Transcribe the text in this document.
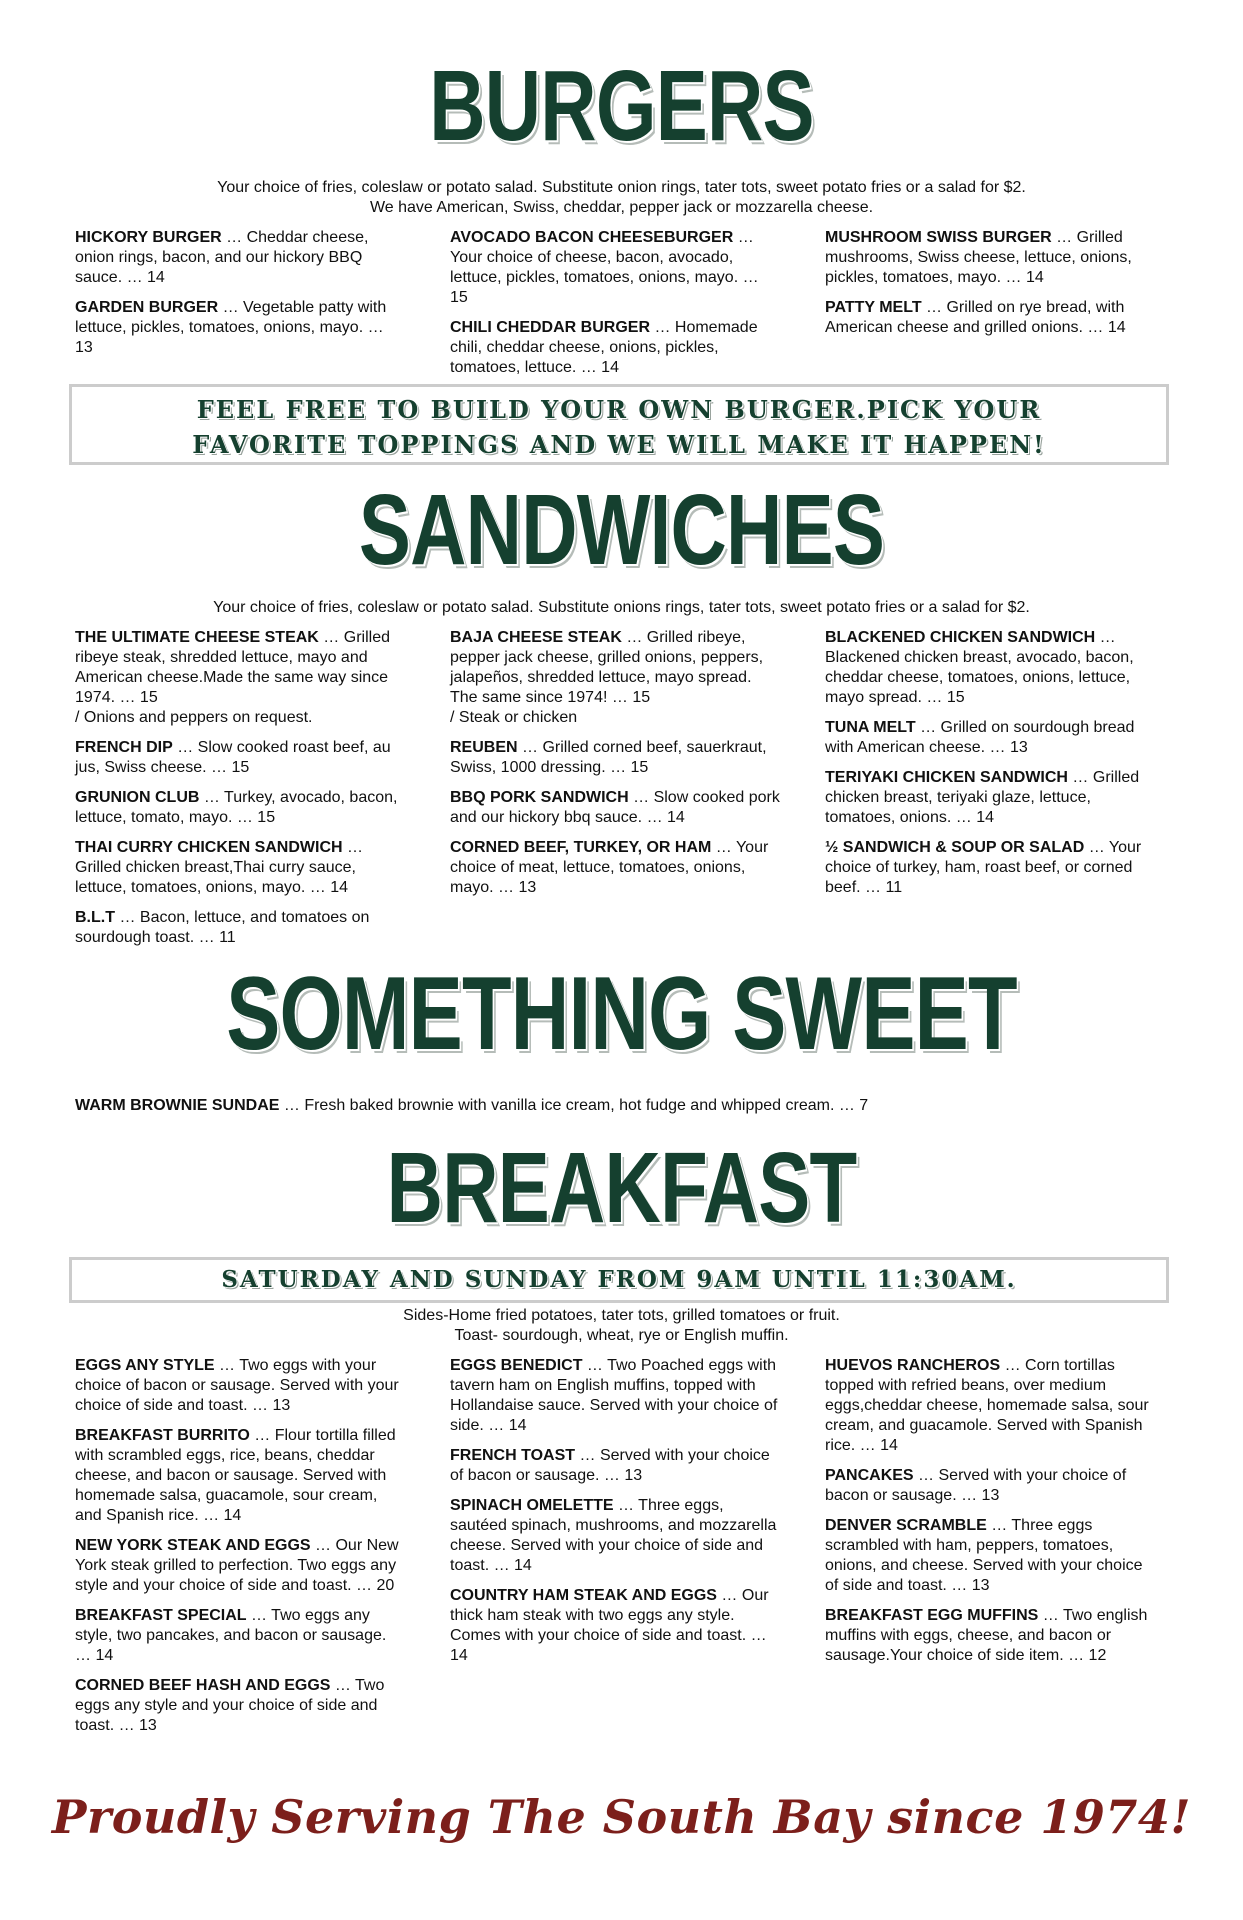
BURGERS
Your choice of fries, coleslaw or potato salad. Substitute onion rings, tater tots, sweet potato fries or a salad for $2.
We have American, Swiss, cheddar, pepper jack or mozzarella cheese.
HICKORY BURGER … Cheddar cheese, onion rings, bacon, and our hickory BBQ sauce. … 14
GARDEN BURGER … Vegetable patty with lettuce, pickles, tomatoes, onions, mayo. … 13
AVOCADO BACON CHEESEBURGER … Your choice of cheese, bacon, avocado, lettuce, pickles, tomatoes, onions, mayo. … 15
CHILI CHEDDAR BURGER … Homemade chili, cheddar cheese, onions, pickles, tomatoes, lettuce. … 14
MUSHROOM SWISS BURGER … Grilled mushrooms, Swiss cheese, lettuce, onions, pickles, tomatoes, mayo. … 14
PATTY MELT … Grilled on rye bread, with American cheese and grilled onions. … 14
FEEL FREE TO BUILD YOUR OWN BURGER.PICK YOUR
FAVORITE TOPPINGS AND WE WILL MAKE IT HAPPEN!
SANDWICHES
Your choice of fries, coleslaw or potato salad. Substitute onions rings, tater tots, sweet potato fries or a salad for $2.
THE ULTIMATE CHEESE STEAK … Grilled ribeye steak, shredded lettuce, mayo and American cheese.Made the same way since 1974. … 15
/ Onions and peppers on request.
FRENCH DIP … Slow cooked roast beef, au jus, Swiss cheese. … 15
GRUNION CLUB … Turkey, avocado, bacon, lettuce, tomato, mayo. … 15
THAI CURRY CHICKEN SANDWICH … Grilled chicken breast,Thai curry sauce, lettuce, tomatoes, onions, mayo. … 14
B.L.T … Bacon, lettuce, and tomatoes on sourdough toast. … 11
BAJA CHEESE STEAK … Grilled ribeye, pepper jack cheese, grilled onions, peppers, jalapeños, shredded lettuce, mayo spread. The same since 1974! … 15
/ Steak or chicken
REUBEN … Grilled corned beef, sauerkraut, Swiss, 1000 dressing. … 15
BBQ PORK SANDWICH … Slow cooked pork and our hickory bbq sauce. … 14
CORNED BEEF, TURKEY, OR HAM … Your choice of meat, lettuce, tomatoes, onions, mayo. … 13
BLACKENED CHICKEN SANDWICH … Blackened chicken breast, avocado, bacon, cheddar cheese, tomatoes, onions, lettuce, mayo spread. … 15
TUNA MELT … Grilled on sourdough bread with American cheese. … 13
TERIYAKI CHICKEN SANDWICH … Grilled chicken breast, teriyaki glaze, lettuce, tomatoes, onions. … 14
½ SANDWICH & SOUP OR SALAD … Your choice of turkey, ham, roast beef, or corned beef. … 11
SOMETHING SWEET
WARM BROWNIE SUNDAE … Fresh baked brownie with vanilla ice cream, hot fudge and whipped cream. … 7
BREAKFAST
SATURDAY AND SUNDAY FROM 9AM UNTIL 11:30AM.
Sides-Home fried potatoes, tater tots, grilled tomatoes or fruit.
Toast- sourdough, wheat, rye or English muffin.
EGGS ANY STYLE … Two eggs with your choice of bacon or sausage. Served with your choice of side and toast. … 13
BREAKFAST BURRITO … Flour tortilla filled with scrambled eggs, rice, beans, cheddar cheese, and bacon or sausage. Served with homemade salsa, guacamole, sour cream, and Spanish rice. … 14
NEW YORK STEAK AND EGGS … Our New York steak grilled to perfection. Two eggs any style and your choice of side and toast. … 20
BREAKFAST SPECIAL … Two eggs any style, two pancakes, and bacon or sausage. … 14
CORNED BEEF HASH AND EGGS … Two eggs any style and your choice of side and toast. … 13
EGGS BENEDICT … Two Poached eggs with tavern ham on English muffins, topped with Hollandaise sauce. Served with your choice of side. … 14
FRENCH TOAST … Served with your choice of bacon or sausage. … 13
SPINACH OMELETTE … Three eggs, sautéed spinach, mushrooms, and mozzarella cheese. Served with your choice of side and toast. … 14
COUNTRY HAM STEAK AND EGGS … Our thick ham steak with two eggs any style. Comes with your choice of side and toast. … 14
HUEVOS RANCHEROS … Corn tortillas topped with refried beans, over medium eggs,cheddar cheese, homemade salsa, sour cream, and guacamole. Served with Spanish rice. … 14
PANCAKES … Served with your choice of bacon or sausage. … 13
DENVER SCRAMBLE … Three eggs scrambled with ham, peppers, tomatoes, onions, and cheese. Served with your choice of side and toast. … 13
BREAKFAST EGG MUFFINS … Two english muffins with eggs, cheese, and bacon or sausage.Your choice of side item. … 12
Proudly Serving The South Bay since 1974!
